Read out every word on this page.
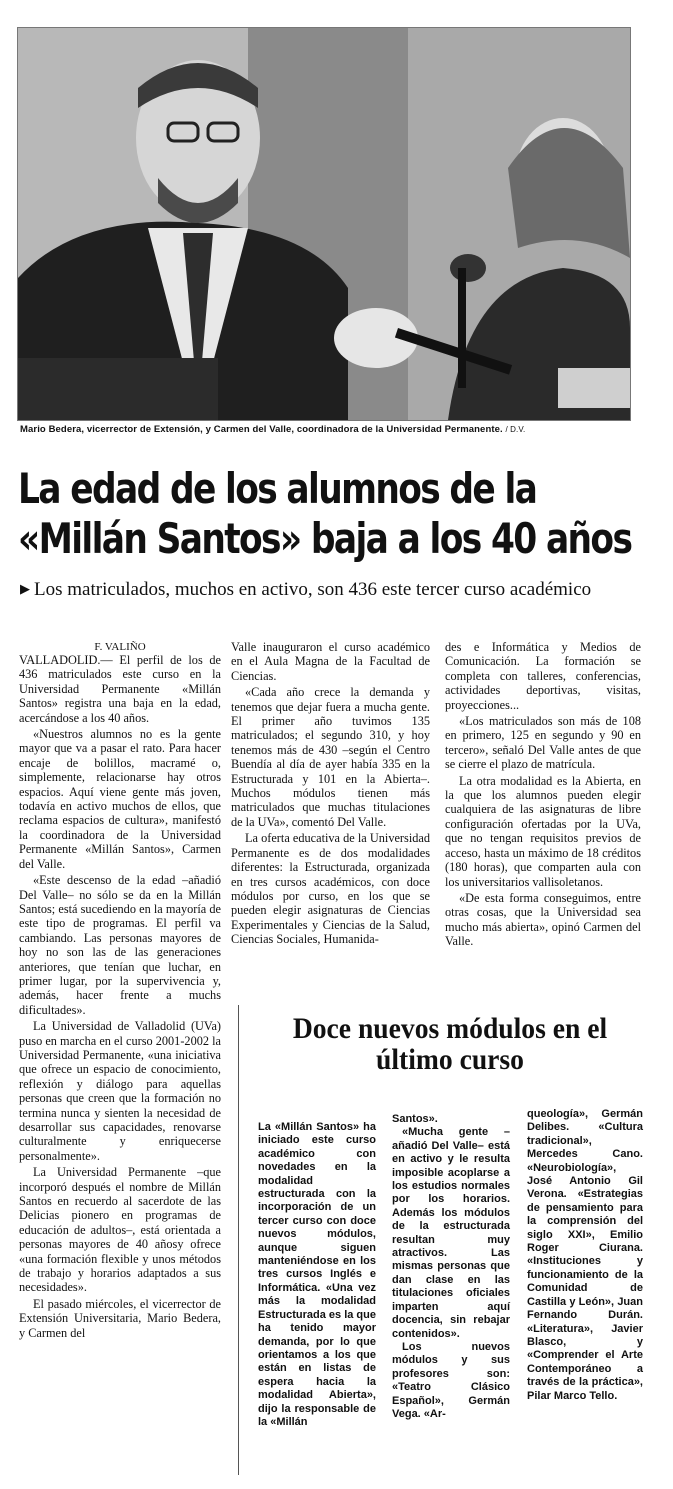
Mario Bedera, vicerrector de Extensión, y Carmen del Valle, coordinadora de la Universidad Permanente. / D.V.
La edad de los alumnos de la
«Millán Santos» baja a los 40 años
▶ Los matriculados, muchos en activo, son 436 este tercer curso académico
F. VALIÑO

VALLADOLID.— El perfil de los de 436 matriculados este curso en la Universidad Permanente «Millán Santos» registra una baja en la edad, acercándose a los 40 años.

«Nuestros alumnos no es la gente mayor que va a pasar el rato. Para hacer encaje de bolillos, macramé o, simplemente, relacionarse hay otros espacios. Aquí viene gente más joven, todavía en activo muchos de ellos, que reclama espacios de cultura», manifestó la coordinadora de la Universidad Permanente «Millán Santos», Carmen del Valle.

«Este descenso de la edad –añadió Del Valle– no sólo se da en la Millán Santos; está sucediendo en la mayoría de este tipo de programas. El perfil va cambiando. Las personas mayores de hoy no son las de las generaciones anteriores, que tenían que luchar, en primer lugar, por la supervivencia y, además, hacer frente a muchs dificultades».

La Universidad de Valladolid (UVa) puso en marcha en el curso 2001-2002 la Universidad Permanente, «una iniciativa que ofrece un espacio de conocimiento, reflexión y diálogo para aquellas personas que creen que la formación no termina nunca y sienten la necesidad de desarrollar sus capacidades, renovarse culturalmente y enriquecerse personalmente».

La Universidad Permanente –que incorporó después el nombre de Millán Santos en recuerdo al sacerdote de las Delicias pionero en programas de educación de adultos–, está orientada a personas mayores de 40 añosy ofrece «una formación flexible y unos métodos de trabajo y horarios adaptados a sus necesidades».

El pasado miércoles, el vicerrector de Extensión Universitaria, Mario Bedera, y Carmen del

Valle inauguraron el curso académico en el Aula Magna de la Facultad de Ciencias.

«Cada año crece la demanda y tenemos que dejar fuera a mucha gente. El primer año tuvimos 135 matriculados; el segundo 310, y hoy tenemos más de 430 –según el Centro Buendía al día de ayer había 335 en la Estructurada y 101 en la Abierta–. Muchos módulos tienen más matriculados que muchas titulaciones de la UVa», comentó Del Valle.

La oferta educativa de la Universidad Permanente es de dos modalidades diferentes: la Estructurada, organizada en tres cursos académicos, con doce módulos por curso, en los que se pueden elegir asignaturas de Ciencias Experimentales y Ciencias de la Salud, Ciencias Sociales, Humanida-

des e Informática y Medios de Comunicación. La formación se completa con talleres, conferencias, actividades deportivas, visitas, proyecciones...

«Los matriculados son más de 108 en primero, 125 en segundo y 90 en tercero», señaló Del Valle antes de que se cierre el plazo de matrícula.

La otra modalidad es la Abierta, en la que los alumnos pueden elegir cualquiera de las asignaturas de libre configuración ofertadas por la UVa, que no tengan requisitos previos de acceso, hasta un máximo de 18 créditos (180 horas), que comparten aula con los universitarios vallisoletanos.

«De esta forma conseguimos, entre otras cosas, que la Universidad sea mucho más abierta», opinó Carmen del Valle.

Doce nuevos módulos en el
último curso

La «Millán Santos» ha iniciado este curso académico con novedades en la modalidad estructurada con la incorporación de un tercer curso con doce nuevos módulos, aunque siguen manteniéndose en los tres cursos Inglés e Informática. «Una vez más la modalidad Estructurada es la que ha tenido mayor demanda, por lo que orientamos a los que están en listas de espera hacia la modalidad Abierta», dijo la responsable de la «Millán

Santos».

«Mucha gente –añadió Del Valle– está en activo y le resulta imposible acoplarse a los estudios normales por los horarios. Además los módulos de la estructurada resultan muy atractivos. Las mismas personas que dan clase en las titulaciones oficiales imparten aquí docencia, sin rebajar contenidos».

Los nuevos módulos y sus profesores son: «Teatro Clásico Español», Germán Vega. «Ar-

queología», Germán Delibes. «Cultura tradicional», Mercedes Cano. «Neurobiología», José Antonio Gil Verona. «Estrategias de pensamiento para la comprensión del siglo XXI», Emilio Roger Ciurana. «Instituciones y funcionamiento de la Comunidad de Castilla y León», Juan Fernando Durán. «Literatura», Javier Blasco, y «Comprender el Arte Contemporáneo a través de la práctica», Pilar Marco Tello.
